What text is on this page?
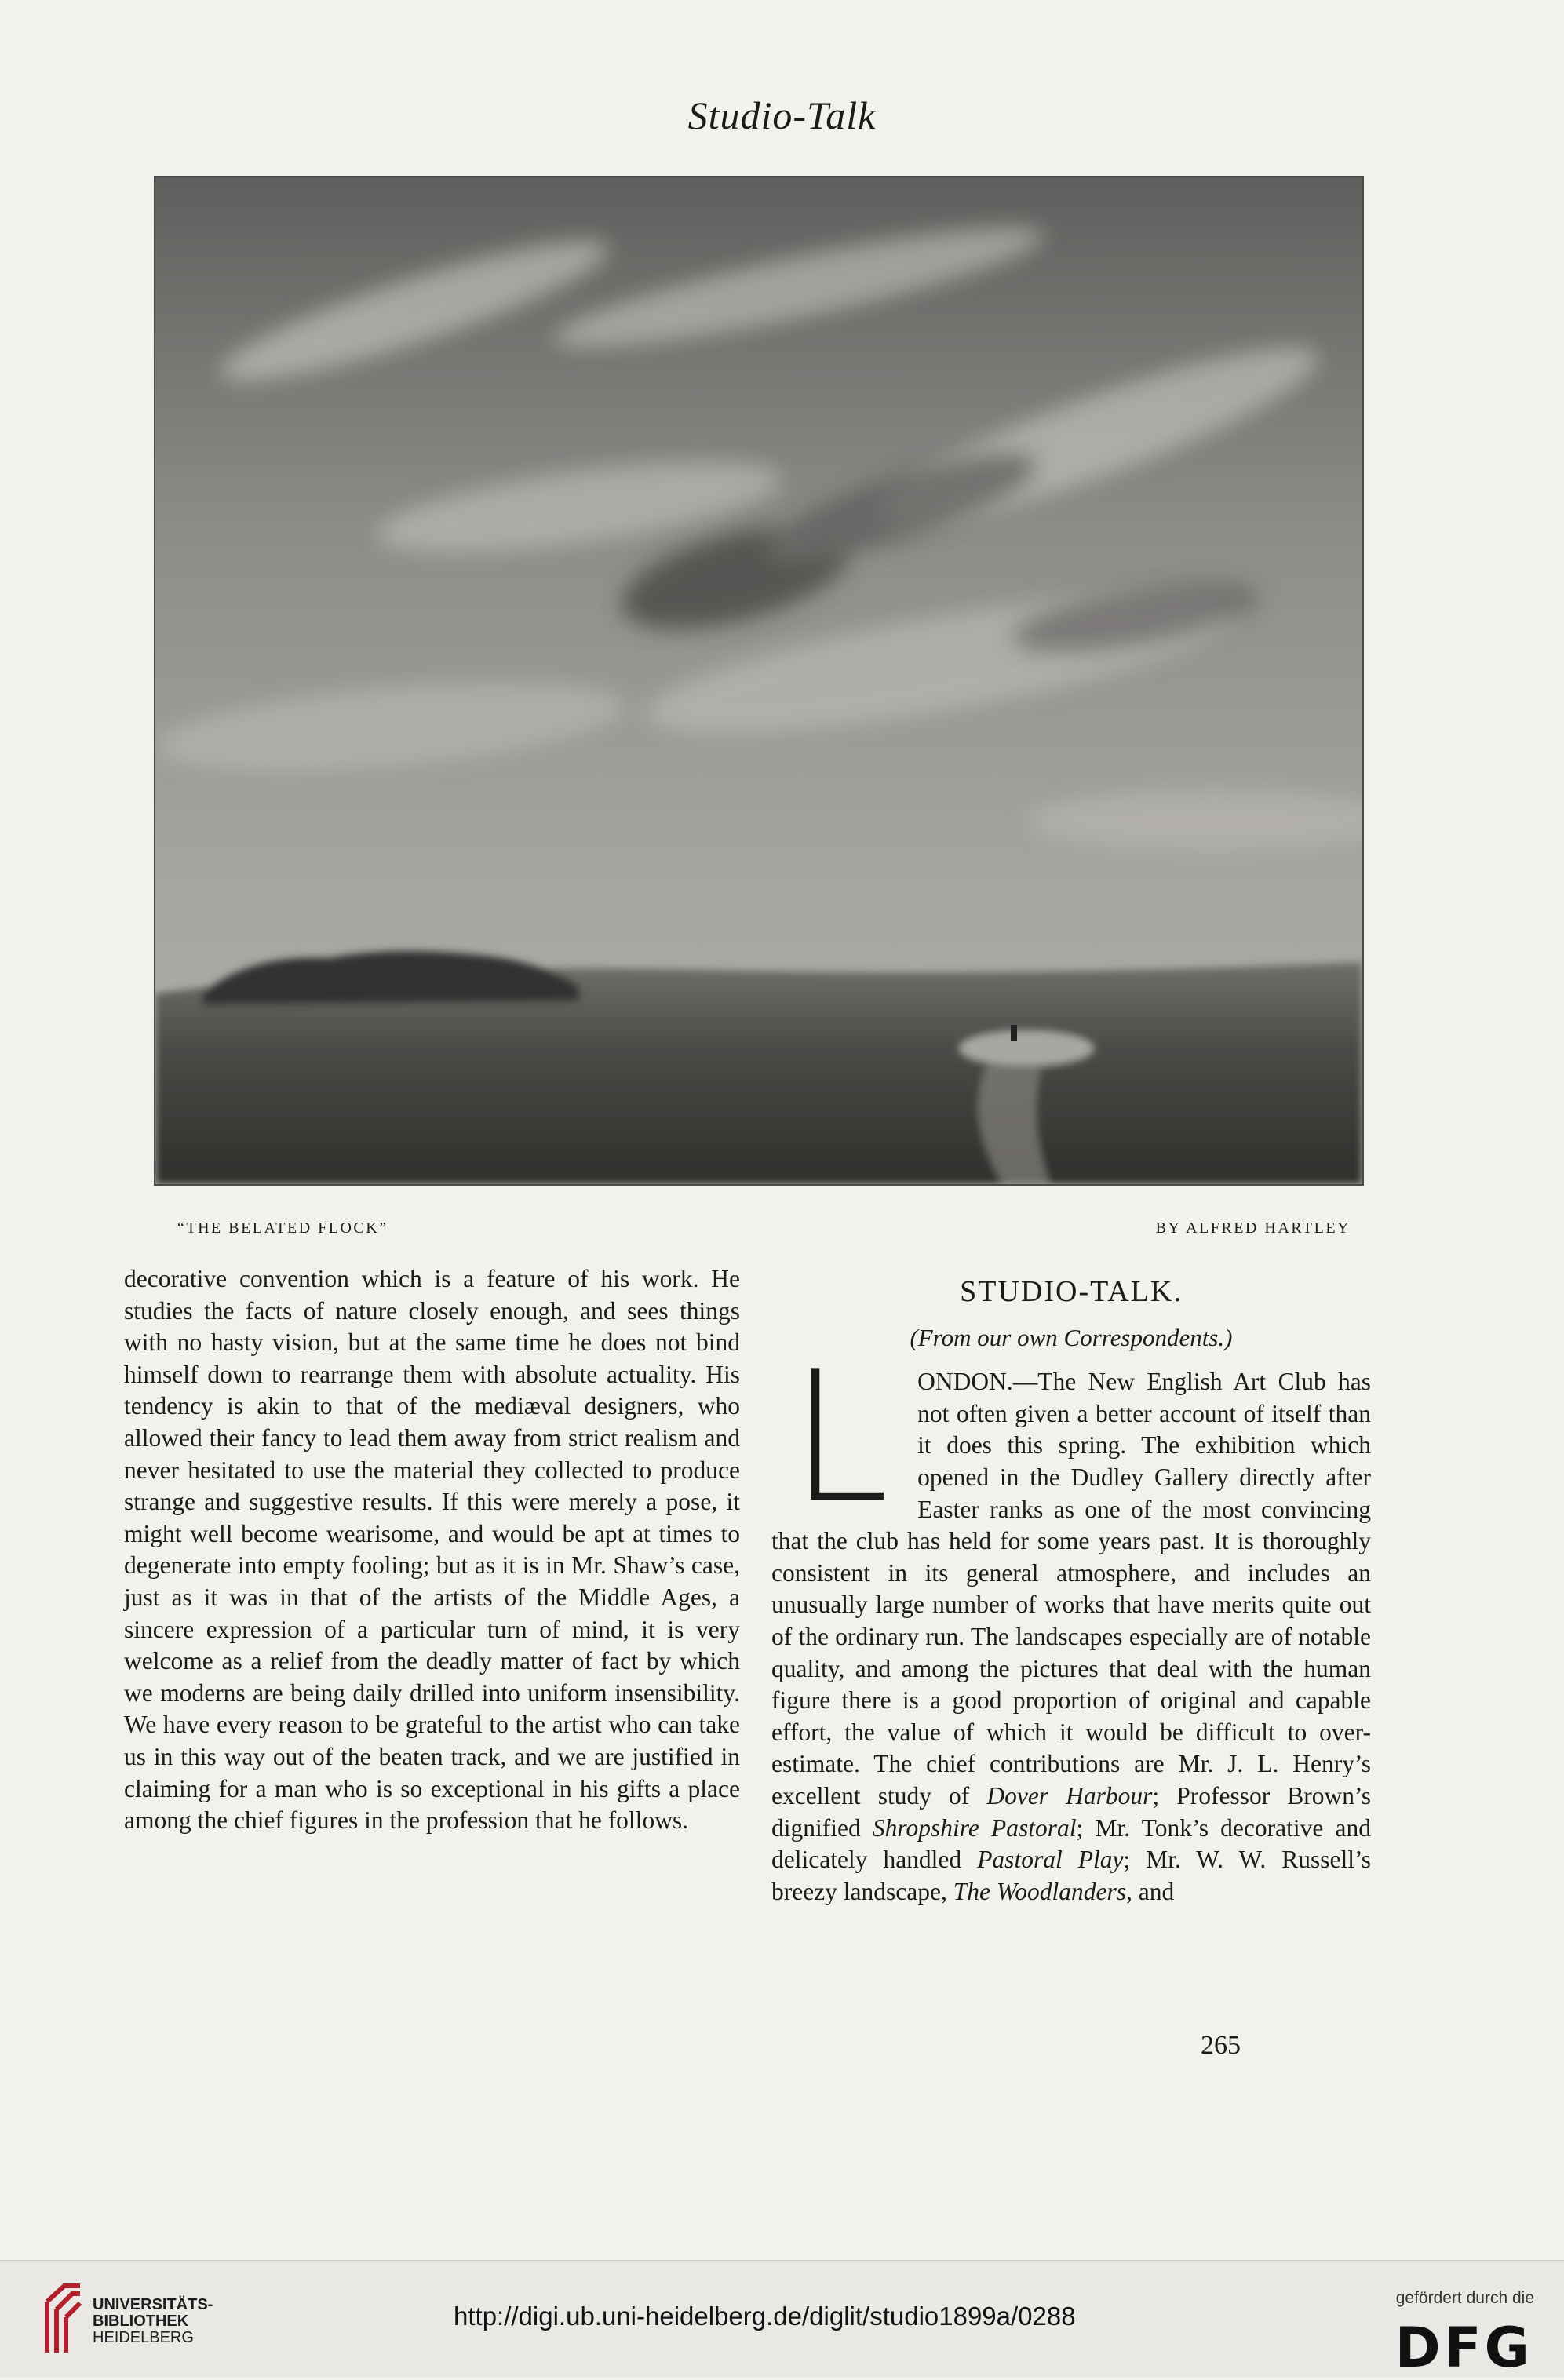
Studio-Talk
“THE BELATED FLOCK”	BY ALFRED HARTLEY

decorative convention which is a feature of his work. He studies the facts of nature closely enough, and sees things with no hasty vision, but at the same time he does not bind himself down to rearrange them with absolute actuality. His tendency is akin to that of the mediæval designers, who allowed their fancy to lead them away from strict realism and never hesitated to use the material they collected to produce strange and suggestive results. If this were merely a pose, it might well become wearisome, and would be apt at times to degenerate into empty fooling; but as it is in Mr. Shaw’s case, just as it was in that of the artists of the Middle Ages, a sincere expression of a particular turn of mind, it is very welcome as a relief from the deadly matter of fact by which we moderns are being daily drilled into uniform insensibility. We have every reason to be grateful to the artist who can take us in this way out of the beaten track, and we are justified in claiming for a man who is so exceptional in his gifts a place among the chief figures in the profession that he follows.

STUDIO-TALK.
(From our own Correspondents.)

L ONDON.—The New English Art Club has not often given a better account of itself than it does this spring. The exhibition which opened in the Dudley Gallery directly after Easter ranks as one of the most convincing that the club has held for some years past. It is thoroughly consistent in its general atmosphere, and includes an unusually large number of works that have merits quite out of the ordinary run. The landscapes especially are of notable quality, and among the pictures that deal with the human figure there is a good proportion of original and capable effort, the value of which it would be difficult to over-estimate. The chief contributions are Mr. J. L. Henry’s excellent study of Dover Harbour; Professor Brown’s dignified Shropshire Pastoral; Mr. Tonk’s decorative and delicately handled Pastoral Play; Mr. W. W. Russell’s breezy landscape, The Woodlanders, and

265
UNIVERSITÄTS-
BIBLIOTHEK
HEIDELBERG
http://digi.ub.uni-heidelberg.de/diglit/studio1899a/0288
gefördert durch die
DFG
